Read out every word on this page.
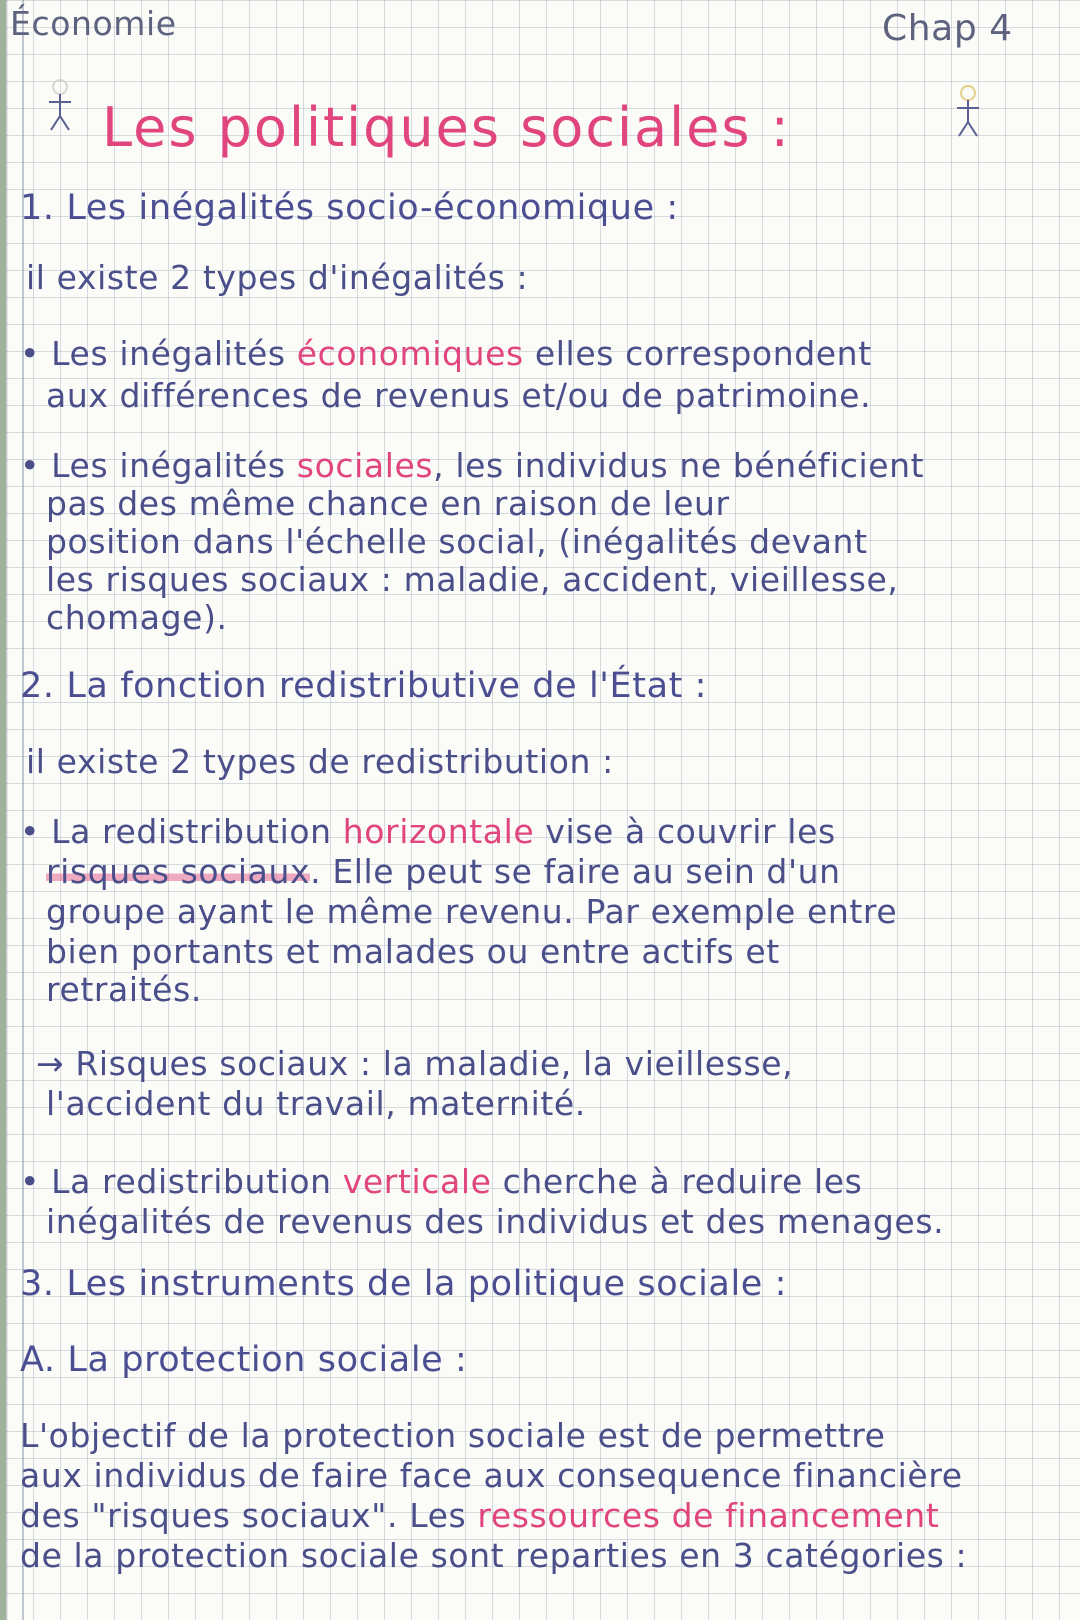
Économie	Chap 4
Les politiques sociales :
1. Les inégalités socio-économique :
il existe 2 types d'inégalités :
• Les inégalités économiques elles correspondent
aux différences de revenus et/ou de patrimoine.
• Les inégalités sociales, les individus ne bénéficient
pas des même chance en raison de leur
position dans l'échelle social, (inégalités devant
les risques sociaux : maladie, accident, vieillesse,
chomage).
2. La fonction redistributive de l'État :
il existe 2 types de redistribution :
• La redistribution horizontale vise à couvrir les
risques sociaux. Elle peut se faire au sein d'un
groupe ayant le même revenu. Par exemple entre
bien portants et malades ou entre actifs et
retraités.
→ Risques sociaux : la maladie, la vieillesse,
l'accident du travail, maternité.
• La redistribution verticale cherche à reduire les
inégalités de revenus des individus et des menages.
3. Les instruments de la politique sociale :
A. La protection sociale :
L'objectif de la protection sociale est de permettre
aux individus de faire face aux consequence financière
des "risques sociaux". Les ressources de financement
de la protection sociale sont reparties en 3 catégories :
